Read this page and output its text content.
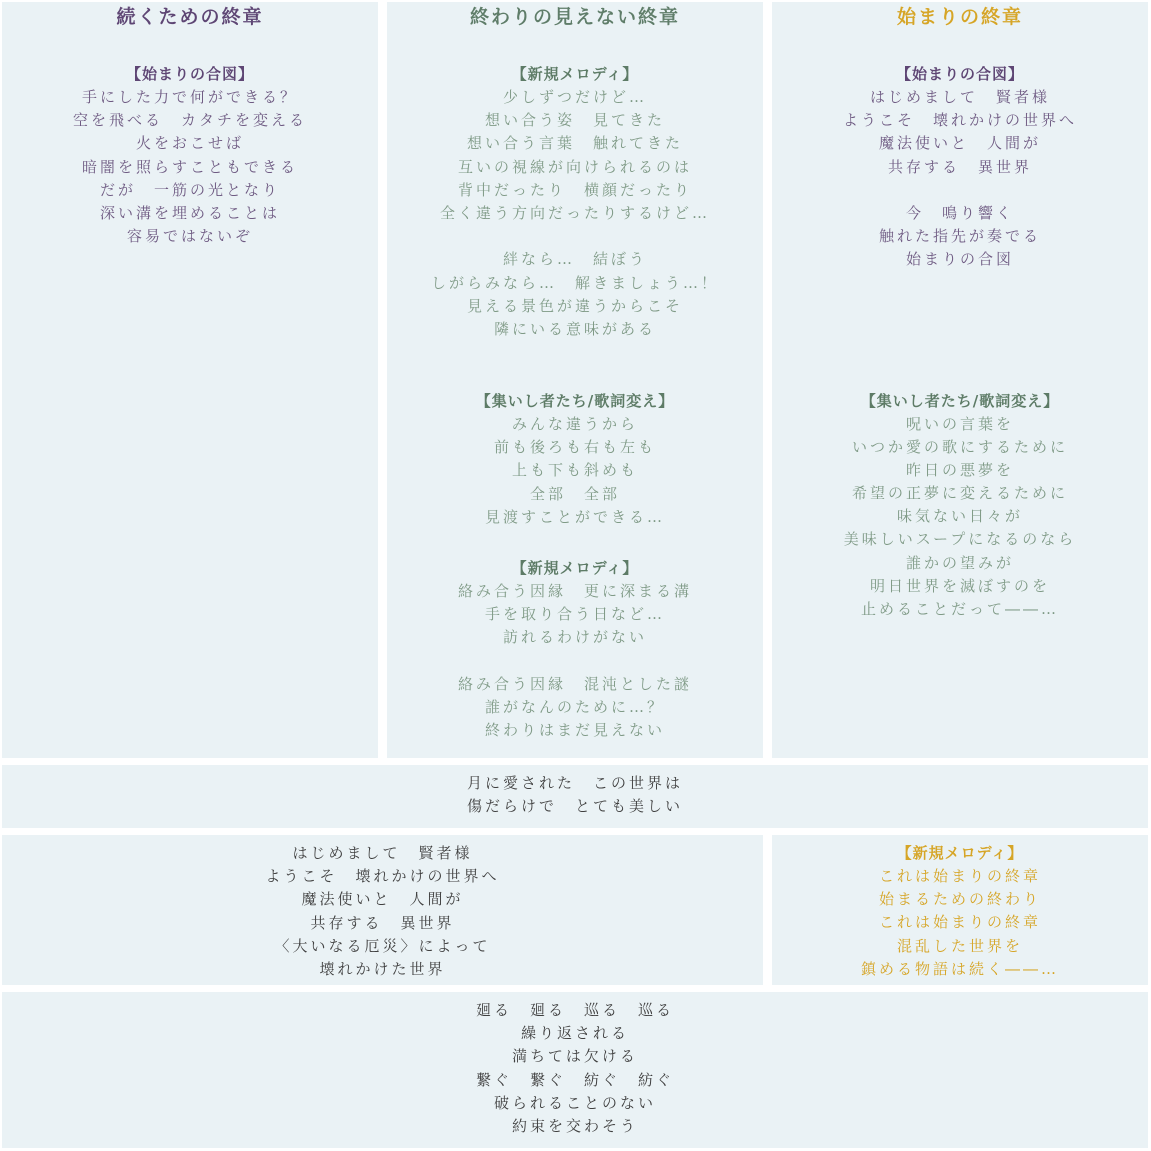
続くための終章
【始まりの合図】
手にした力で何ができる？
空を飛べる　カタチを変える
火をおこせば
暗闇を照らすこともできる
だが　一筋の光となり
深い溝を埋めることは
容易ではないぞ
終わりの見えない終章
【新規メロディ】
少しずつだけど…
想い合う姿　見てきた
想い合う言葉　触れてきた
互いの視線が向けられるのは
背中だったり　横顔だったり
全く違う方向だったりするけど…
絆なら…　結ぼう
しがらみなら…　解きましょう…！
見える景色が違うからこそ
隣にいる意味がある
【集いし者たち/歌詞変え】
みんな違うから
前も後ろも右も左も
上も下も斜めも
全部　全部
見渡すことができる…
【新規メロディ】
絡み合う因縁　更に深まる溝
手を取り合う日など…
訪れるわけがない
絡み合う因縁　混沌とした謎
誰がなんのために…？
終わりはまだ見えない
始まりの終章
【始まりの合図】
はじめまして　賢者様
ようこそ　壊れかけの世界へ
魔法使いと　人間が
共存する　異世界
今　鳴り響く
触れた指先が奏でる
始まりの合図
【集いし者たち/歌詞変え】
呪いの言葉を
いつか愛の歌にするために
昨日の悪夢を
希望の正夢に変えるために
味気ない日々が
美味しいスープになるのなら
誰かの望みが
明日世界を滅ぼすのを
止めることだって――…
月に愛された　この世界は
傷だらけで　とても美しい
はじめまして　賢者様
ようこそ　壊れかけの世界へ
魔法使いと　人間が
共存する　異世界
〈大いなる厄災〉によって
壊れかけた世界
【新規メロディ】
これは始まりの終章
始まるための終わり
これは始まりの終章
混乱した世界を
鎮める物語は続く――…
廻る　廻る　巡る　巡る
繰り返される
満ちては欠ける
繋ぐ　繋ぐ　紡ぐ　紡ぐ
破られることのない
約束を交わそう
